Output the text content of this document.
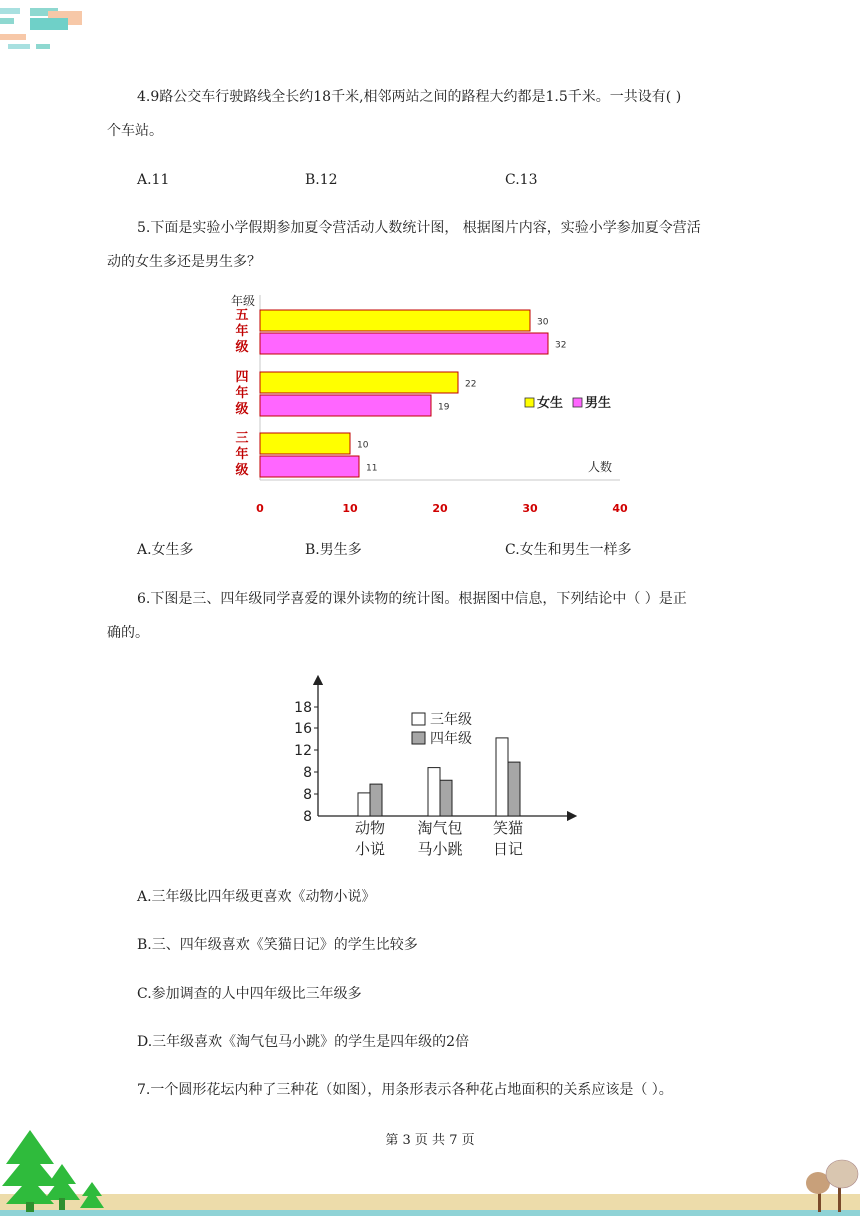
4.9路公交车行驶路线全长约18千米,相邻两站之间的路程大约都是1.5千米。一共设有( )
个车站。
A.11	B.12	C.13
5.下面是实验小学假期参加夏令营活动人数统计图， 根据图片内容，实验小学参加夏令营活
动的女生多还是男生多？
年级
人数
30
32
22
19
10
11
五
年
级
四
年
级
三
年
级
0	10	20	30	40
女生 男生
A.女生多	B.男生多	C.女生和男生一样多
6.下图是三、四年级同学喜爱的课外读物的统计图。根据图中信息，下列结论中（ ）是正
确的。
8
8
8
12
16
18
动物
小说
淘气包
马小跳
笑猫
日记
三年级
四年级
A.三年级比四年级更喜欢《动物小说》
B.三、四年级喜欢《笑猫日记》的学生比较多
C.参加调查的人中四年级比三年级多
D.三年级喜欢《淘气包马小跳》的学生是四年级的2倍
7.一个圆形花坛内种了三种花（如图），用条形表示各种花占地面积的关系应该是（ ）。
第 3 页 共 7 页
